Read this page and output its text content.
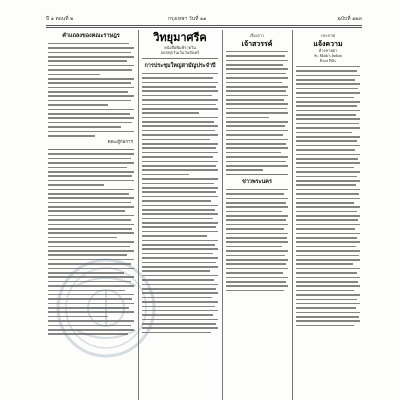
ปี ๑ ตอนที่ ๒	กรุงเทพฯ วันที่ ๑๑	ฉบับที่ ๑๒๓
คำแถลงของคณะราษฎร
คณะผู้ก่อการ
วิทยุมาศรีค
หนังสือพิมพ์รายวัน
ออกทุกวันเว้นวันจันทร์
การประชุมใหญ่สามัญประจำปี
เรื่องราว
เจ้าสวรรค์
ข่าวพระนคร
ประกาศ
แจ้งความ
ห้างขายยา
St. Mark's Indian
Root Pills
